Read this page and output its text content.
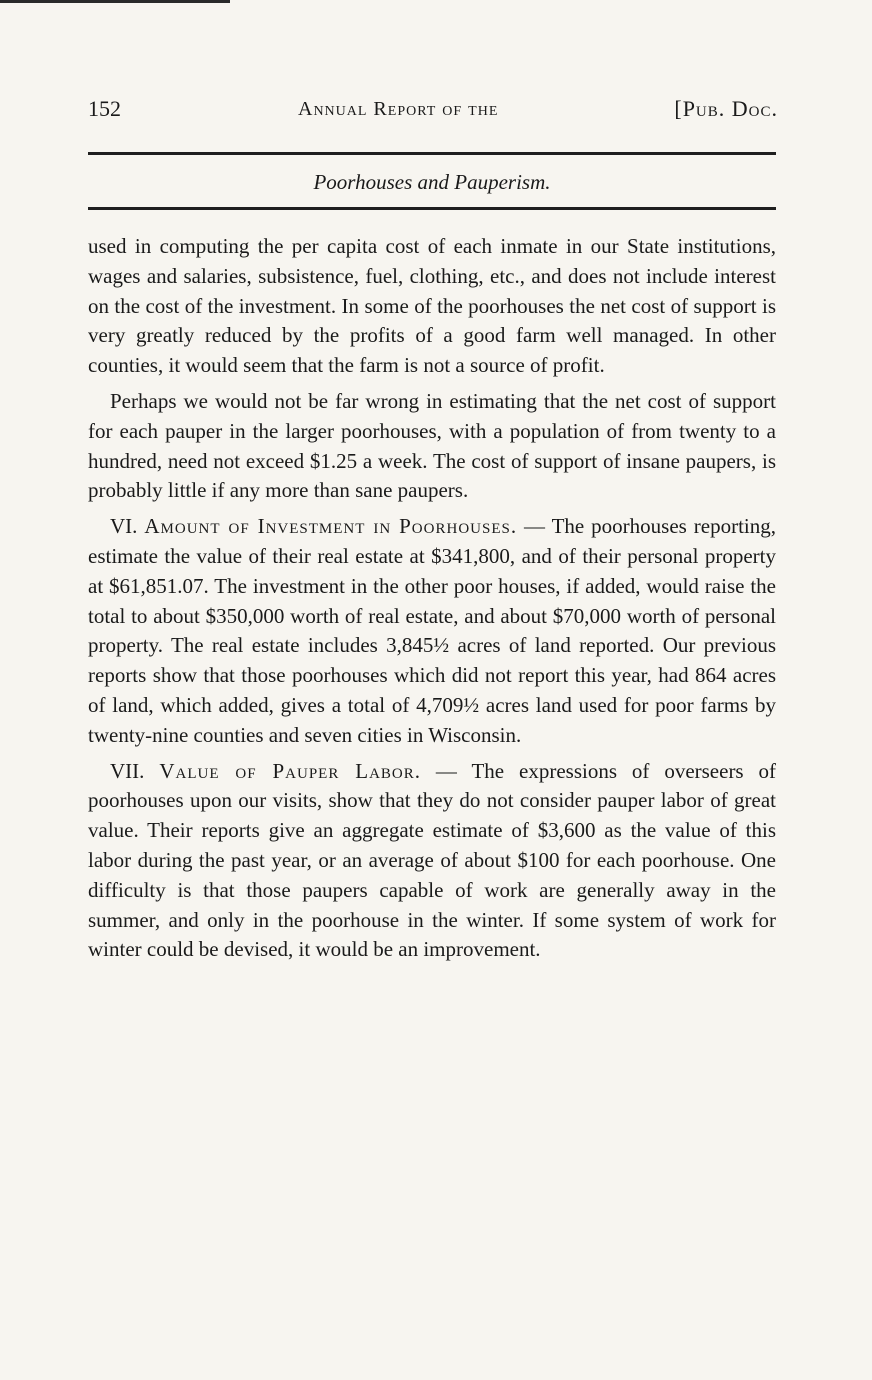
152	Annual Report of the	[Pub. Doc.
Poorhouses and Pauperism.

used in computing the per capita cost of each inmate in our State institutions, wages and salaries, subsistence, fuel, clothing, etc., and does not include interest on the cost of the investment. In some of the poorhouses the net cost of support is very greatly reduced by the profits of a good farm well managed. In other counties, it would seem that the farm is not a source of profit.

Perhaps we would not be far wrong in estimating that the net cost of support for each pauper in the larger poorhouses, with a population of from twenty to a hundred, need not exceed $1.25 a week. The cost of support of insane paupers, is probably little if any more than sane paupers.

VI. Amount of Investment in Poorhouses. — The poorhouses reporting, estimate the value of their real estate at $341,800, and of their personal property at $61,851.07. The investment in the other poor houses, if added, would raise the total to about $350,000 worth of real estate, and about $70,000 worth of personal property. The real estate includes 3,845½ acres of land reported. Our previous reports show that those poorhouses which did not report this year, had 864 acres of land, which added, gives a total of 4,709½ acres land used for poor farms by twenty-nine counties and seven cities in Wisconsin.

VII. Value of Pauper Labor. — The expressions of overseers of poorhouses upon our visits, show that they do not consider pauper labor of great value. Their reports give an aggregate estimate of $3,600 as the value of this labor during the past year, or an average of about $100 for each poorhouse. One difficulty is that those paupers capable of work are generally away in the summer, and only in the poorhouse in the winter. If some system of work for winter could be devised, it would be an improvement.
